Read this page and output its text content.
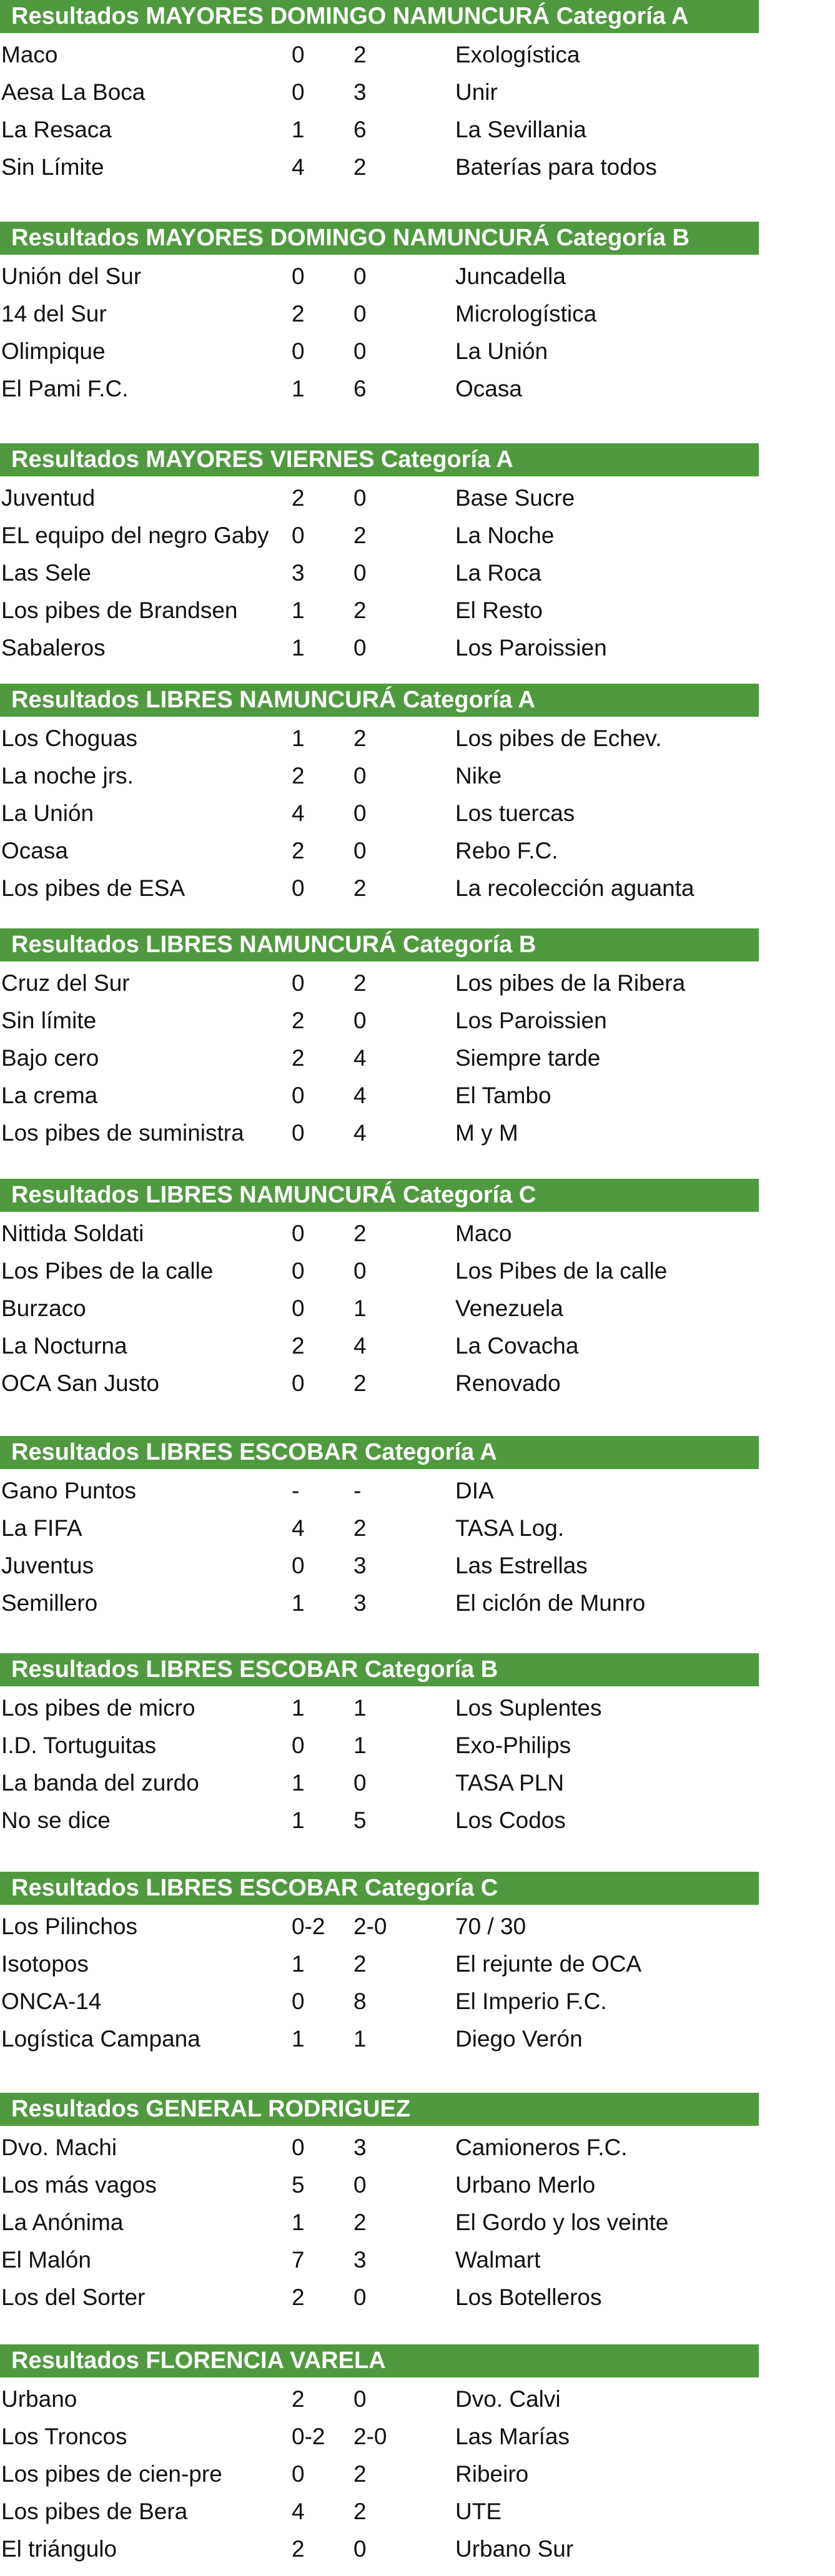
Resultados MAYORES DOMINGO NAMUNCURÁ Categoría A
Maco	0 2	Exologística
Aesa La Boca	0 3	Unir
La Resaca	1 6	La Sevillania
Sin Límite	4 2	Baterías para todos
Resultados MAYORES DOMINGO NAMUNCURÁ Categoría B
Unión del Sur	0 0	Juncadella
14 del Sur	2 0	Micrologística
Olimpique	0 0	La Unión
El Pami F.C.	1 6	Ocasa
Resultados MAYORES VIERNES Categoría A
Juventud	2 0	Base Sucre
EL equipo del negro Gaby 0 2	La Noche
Las Sele	3 0	La Roca
Los pibes de Brandsen 1 2	El Resto
Sabaleros	1 0	Los Paroissien
Resultados LIBRES NAMUNCURÁ Categoría A
Los Choguas	1 2	Los pibes de Echev.
La noche jrs.	2 0	Nike
La Unión	4 0	Los tuercas
Ocasa	2 0	Rebo F.C.
Los pibes de ESA	0 2	La recolección aguanta
Resultados LIBRES NAMUNCURÁ Categoría B
Cruz del Sur	0 2	Los pibes de la Ribera
Sin límite	2 0	Los Paroissien
Bajo cero	2 4	Siempre tarde
La crema	0 4	El Tambo
Los pibes de suministra 0 4	M y M
Resultados LIBRES NAMUNCURÁ Categoría C
Nittida Soldati	0 2	Maco
Los Pibes de la calle	0 0	Los Pibes de la calle
Burzaco	0 1	Venezuela
La Nocturna	2 4	La Covacha
OCA San Justo	0 2	Renovado
Resultados LIBRES ESCOBAR Categoría A
Gano Puntos	- -	DIA
La FIFA	4 2	TASA Log.
Juventus	0 3	Las Estrellas
Semillero	1 3	El ciclón de Munro
Resultados LIBRES ESCOBAR Categoría B
Los pibes de micro	1 1	Los Suplentes
I.D. Tortuguitas	0 1	Exo-Philips
La banda del zurdo	1 0	TASA PLN
No se dice	1 5	Los Codos
Resultados LIBRES ESCOBAR Categoría C
Los Pilinchos	0-2 2-0	70 / 30
Isotopos	1 2	El rejunte de OCA
ONCA-14	0 8	El Imperio F.C.
Logística Campana	1 1	Diego Verón
Resultados GENERAL RODRIGUEZ
Dvo. Machi	0 3	Camioneros F.C.
Los más vagos	5 0	Urbano Merlo
La Anónima	1 2	El Gordo y los veinte
El Malón	7 3	Walmart
Los del Sorter	2 0	Los Botelleros
Resultados FLORENCIA VARELA
Urbano	2 0	Dvo. Calvi
Los Troncos	0-2 2-0	Las Marías
Los pibes de cien-pre	0 2	Ribeiro
Los pibes de Bera	4 2	UTE
El triángulo	2 0	Urbano Sur
